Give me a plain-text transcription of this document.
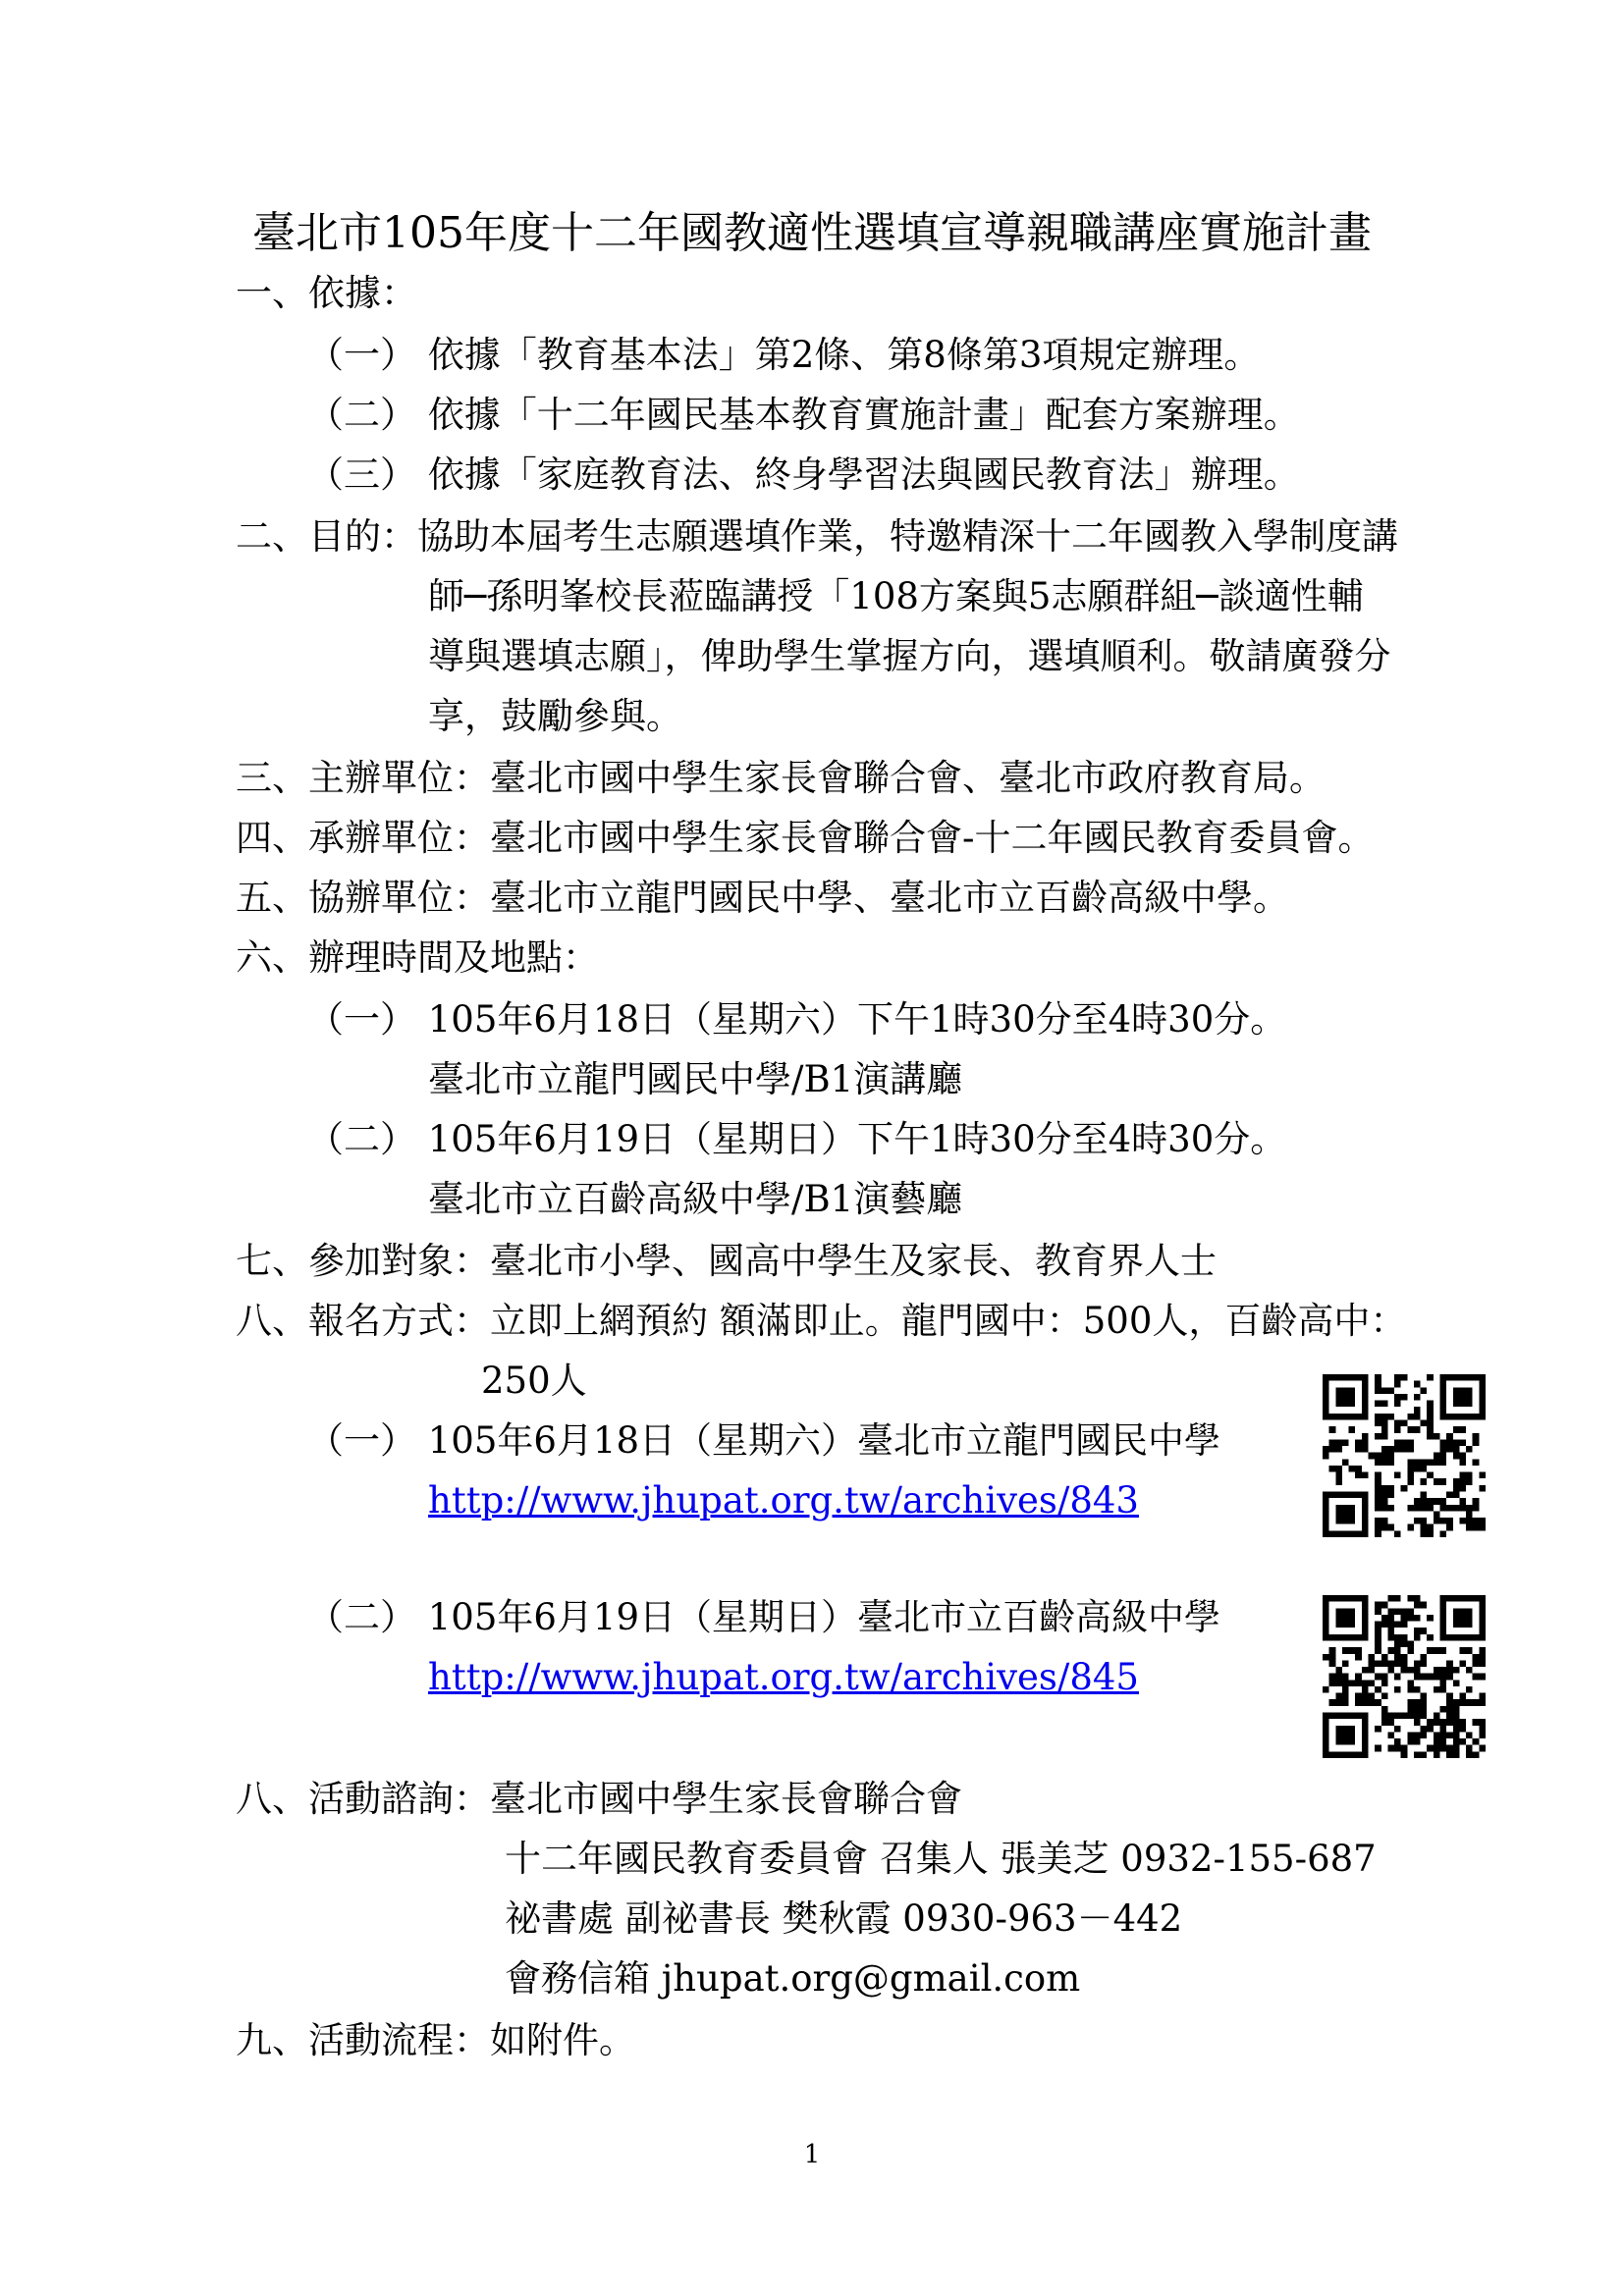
臺北市105年度十二年國教適性選填宣導親職講座實施計畫
一、依據：
（一） 依據「教育基本法」第2條、第8條第3項規定辦理。
（二） 依據「十二年國民基本教育實施計畫」配套方案辦理。
（三） 依據「家庭教育法、終身學習法與國民教育法」辦理。
二、目的：協助本屆考生志願選填作業，特邀精深十二年國教入學制度講
師─孫明峯校長蒞臨講授「108方案與5志願群組─談適性輔
導與選填志願」，俾助學生掌握方向，選填順利。敬請廣發分
享，鼓勵參與。
三、主辦單位：臺北市國中學生家長會聯合會、臺北市政府教育局。
四、承辦單位：臺北市國中學生家長會聯合會-十二年國民教育委員會。
五、協辦單位：臺北市立龍門國民中學、臺北市立百齡高級中學。
六、辦理時間及地點：
（一） 105年6月18日（星期六）下午1時30分至4時30分。
臺北市立龍門國民中學/B1演講廳
（二） 105年6月19日（星期日）下午1時30分至4時30分。
臺北市立百齡高級中學/B1演藝廳
七、參加對象：臺北市小學、國高中學生及家長、教育界人士
八、報名方式：立即上網預約 額滿即止。龍門國中：500人，百齡高中：
250人
（一） 105年6月18日（星期六）臺北市立龍門國民中學
http://www.jhupat.org.tw/archives/843
（二） 105年6月19日（星期日）臺北市立百齡高級中學
http://www.jhupat.org.tw/archives/845
八、活動諮詢：臺北市國中學生家長會聯合會
十二年國民教育委員會 召集人 張美芝 0932-155-687
祕書處 副祕書長 樊秋霞 0930-963－442
會務信箱 jhupat.org@gmail.com
九、活動流程：如附件。
1
